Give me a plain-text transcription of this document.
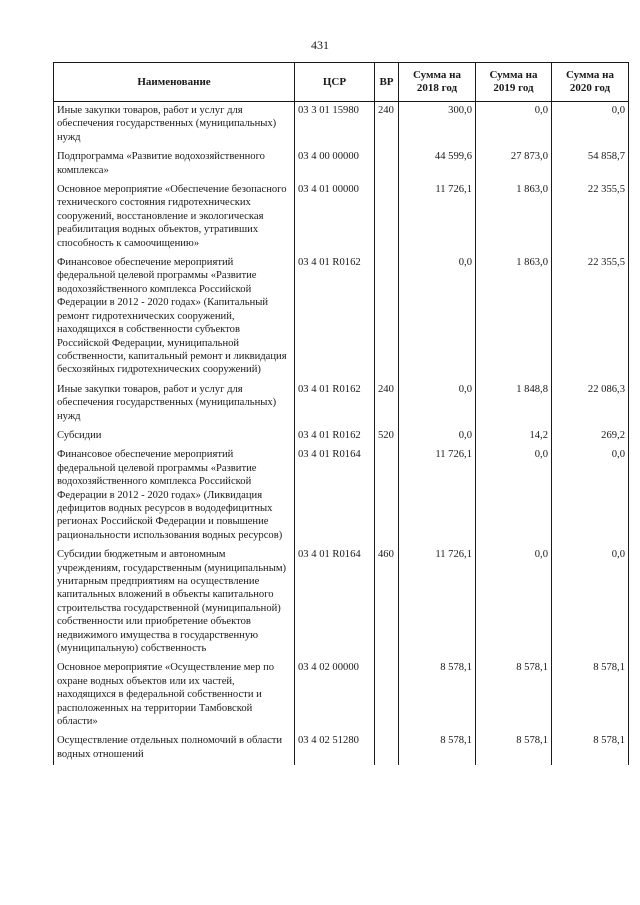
431
Наименование	ЦСР	ВР	Сумма на 2018 год	Сумма на 2019 год	Сумма на 2020 год
Иные закупки товаров, работ и услуг для обеспечения государственных (муниципальных) нужд	03 3 01 15980	240	300,0	0,0	0,0
Подпрограмма «Развитие водохозяйственного комплекса»	03 4 00 00000		44 599,6	27 873,0	54 858,7
Основное мероприятие «Обеспечение безопасного технического состояния гидротехнических сооружений, восстановление и экологическая реабилитация водных объектов, утративших способность к самоочищению»	03 4 01 00000		11 726,1	1 863,0	22 355,5
Финансовое обеспечение мероприятий федеральной целевой программы «Развитие водохозяйственного комплекса Российской Федерации в 2012 - 2020 годах» (Капитальный ремонт гидротехнических сооружений, находящихся в собственности субъектов Российской Федерации, муниципальной собственности, капитальный ремонт и ликвидация бесхозяйных гидротехнических сооружений)	03 4 01 R0162		0,0	1 863,0	22 355,5
Иные закупки товаров, работ и услуг для обеспечения государственных (муниципальных) нужд	03 4 01 R0162	240	0,0	1 848,8	22 086,3
Субсидии	03 4 01 R0162	520	0,0	14,2	269,2
Финансовое обеспечение мероприятий федеральной целевой программы «Развитие водохозяйственного комплекса Российской Федерации в 2012 - 2020 годах» (Ликвидация дефицитов водных ресурсов в вододефицитных регионах Российской Федерации и повышение рациональности использования водных ресурсов)	03 4 01 R0164		11 726,1	0,0	0,0
Субсидии бюджетным и автономным учреждениям, государственным (муниципальным) унитарным предприятиям на осуществление капитальных вложений в объекты капитального строительства государственной (муниципальной) собственности или приобретение объектов недвижимого имущества в государственную (муниципальную) собственность	03 4 01 R0164	460	11 726,1	0,0	0,0
Основное мероприятие «Осуществление мер по охране водных объектов или их частей, находящихся в федеральной собственности и расположенных на территории Тамбовской области»	03 4 02 00000		8 578,1	8 578,1	8 578,1
Осуществление отдельных полномочий в области водных отношений	03 4 02 51280		8 578,1	8 578,1	8 578,1
